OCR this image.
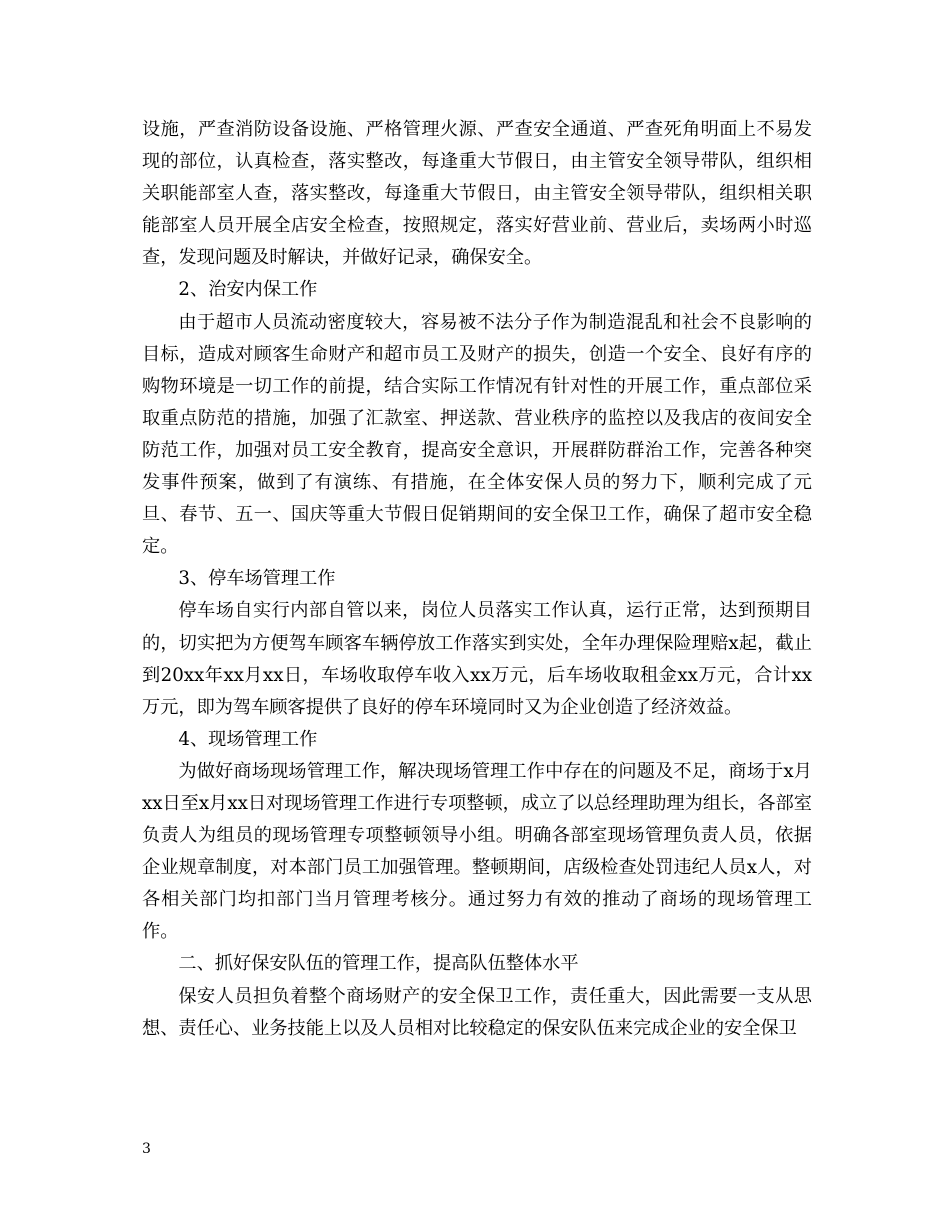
设施，严查消防设备设施、严格管理火源、严查安全通道、严查死角明面上不易发现的部位，认真检查，落实整改，每逢重大节假日，由主管安全领导带队，组织相关职能部室人查，落实整改，每逢重大节假日，由主管安全领导带队，组织相关职能部室人员开展全店安全检查，按照规定，落实好营业前、营业后，卖场两小时巡查，发现问题及时解诀，并做好记录，确保安全。

2、治安内保工作

由于超市人员流动密度较大，容易被不法分子作为制造混乱和社会不良影响的目标，造成对顾客生命财产和超市员工及财产的损失，创造一个安全、良好有序的购物环境是一切工作的前提，结合实际工作情况有针对性的开展工作，重点部位采取重点防范的措施，加强了汇款室、押送款、营业秩序的监控以及我店的夜间安全防范工作，加强对员工安全教育，提高安全意识，开展群防群治工作，完善各种突发事件预案，做到了有演练、有措施，在全体安保人员的努力下，顺利完成了元旦、春节、五一、国庆等重大节假日促销期间的安全保卫工作，确保了超市安全稳定。

3、停车场管理工作

停车场自实行内部自管以来，岗位人员落实工作认真，运行正常，达到预期目的，切实把为方便驾车顾客车辆停放工作落实到实处，全年办理保险理赔x起，截止到20xx年xx月xx日，车场收取停车收入xx万元，后车场收取租金xx万元，合计xx万元，即为驾车顾客提供了良好的停车环境同时又为企业创造了经济效益。

4、现场管理工作

为做好商场现场管理工作，解决现场管理工作中存在的问题及不足，商场于x月xx日至x月xx日对现场管理工作进行专项整顿，成立了以总经理助理为组长，各部室负责人为组员的现场管理专项整顿领导小组。明确各部室现场管理负责人员，依据企业规章制度，对本部门员工加强管理。整顿期间，店级检查处罚违纪人员x人，对各相关部门均扣部门当月管理考核分。通过努力有效的推动了商场的现场管理工作。

二、抓好保安队伍的管理工作，提高队伍整体水平

保安人员担负着整个商场财产的安全保卫工作，责任重大，因此需要一支从思想、责任心、业务技能上以及人员相对比较稳定的保安队伍来完成企业的安全保卫

3
